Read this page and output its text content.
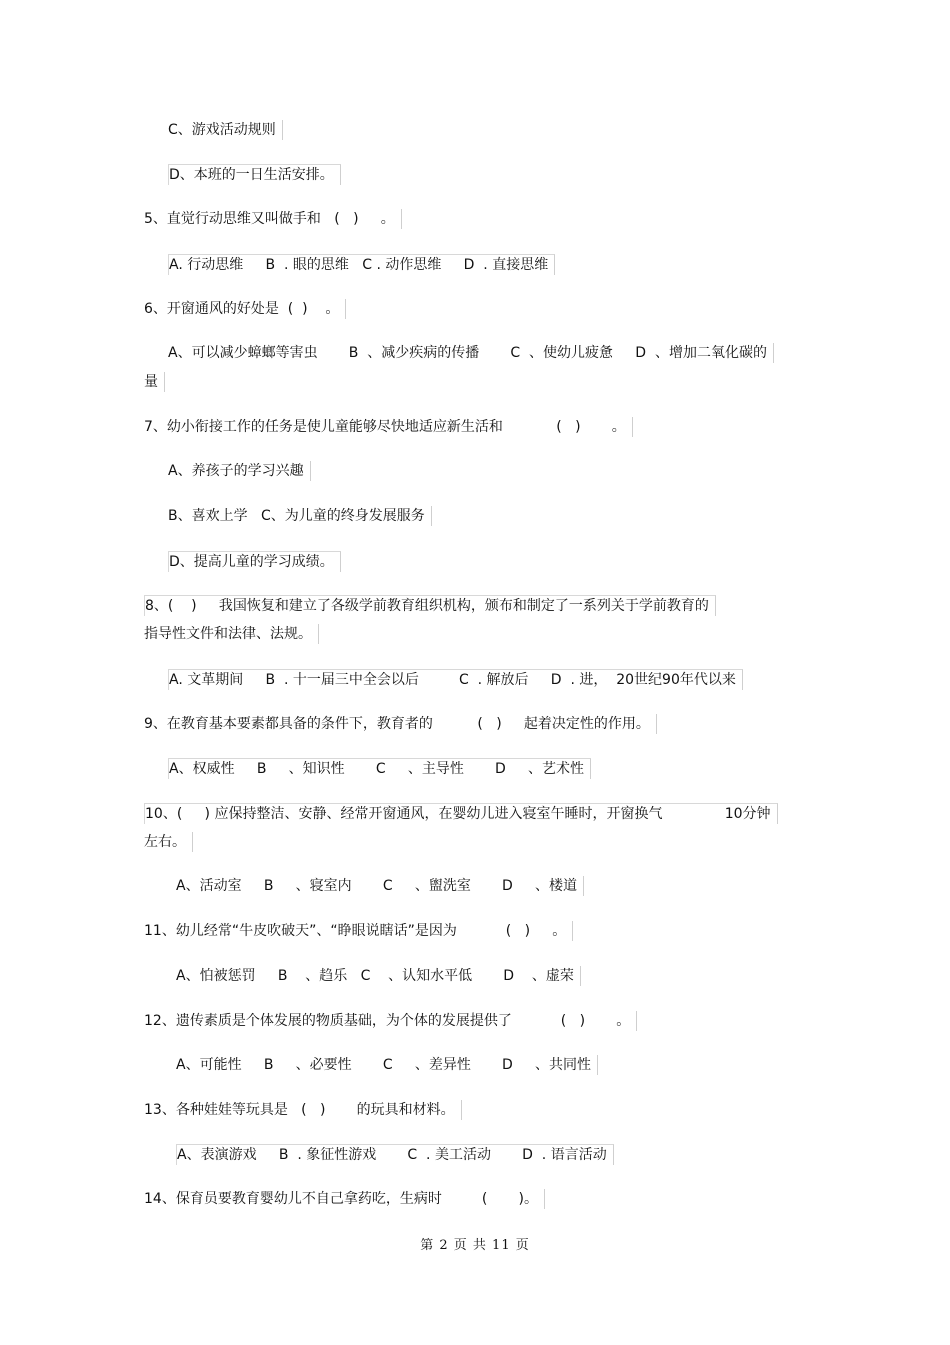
C、游戏活动规则
D、本班的一日生活安排。
5、直觉行动思维又叫做手和   (   )     。
A. 行动思维     B  . 眼的思维   C . 动作思维     D  . 直接思维
6、开窗通风的好处是  (  )    。
A、可以减少蟑螂等害虫       B  、减少疾病的传播       C  、使幼儿疲惫     D  、增加二氧化碳的
量
7、幼小衔接工作的任务是使儿童能够尽快地适应新生活和            (   )       。
A、养孩子的学习兴趣
B、喜欢上学   C、为儿童的终身发展服务
D、提高儿童的学习成绩。
8、(    )     我国恢复和建立了各级学前教育组织机构，颁布和制定了一系列关于学前教育的
指导性文件和法律、法规。
A. 文革期间     B  . 十一届三中全会以后         C  . 解放后     D  . 进，  20世纪90年代以来
9、在教育基本要素都具备的条件下，教育者的          (   )     起着决定性的作用。
A、权威性     B     、知识性       C     、主导性       D     、艺术性
10、(     ) 应保持整洁、安静、经常开窗通风，在婴幼儿进入寝室午睡时，开窗换气              10分钟
左右。
A、活动室     B     、寝室内       C     、盥洗室       D     、楼道
11、幼儿经常“牛皮吹破天”、“睁眼说瞎话”是因为           (   )     。
A、怕被惩罚     B    、趋乐   C    、认知水平低       D    、虚荣
12、遗传素质是个体发展的物质基础，为个体的发展提供了           (   )       。
A、可能性     B     、必要性       C     、差异性       D     、共同性
13、各种娃娃等玩具是   (   )       的玩具和材料。
A、表演游戏     B  . 象征性游戏       C  . 美工活动       D  . 语言活动
14、保育员要教育婴幼儿不自己拿药吃，生病时         (       )。
第 2 页 共 11 页
